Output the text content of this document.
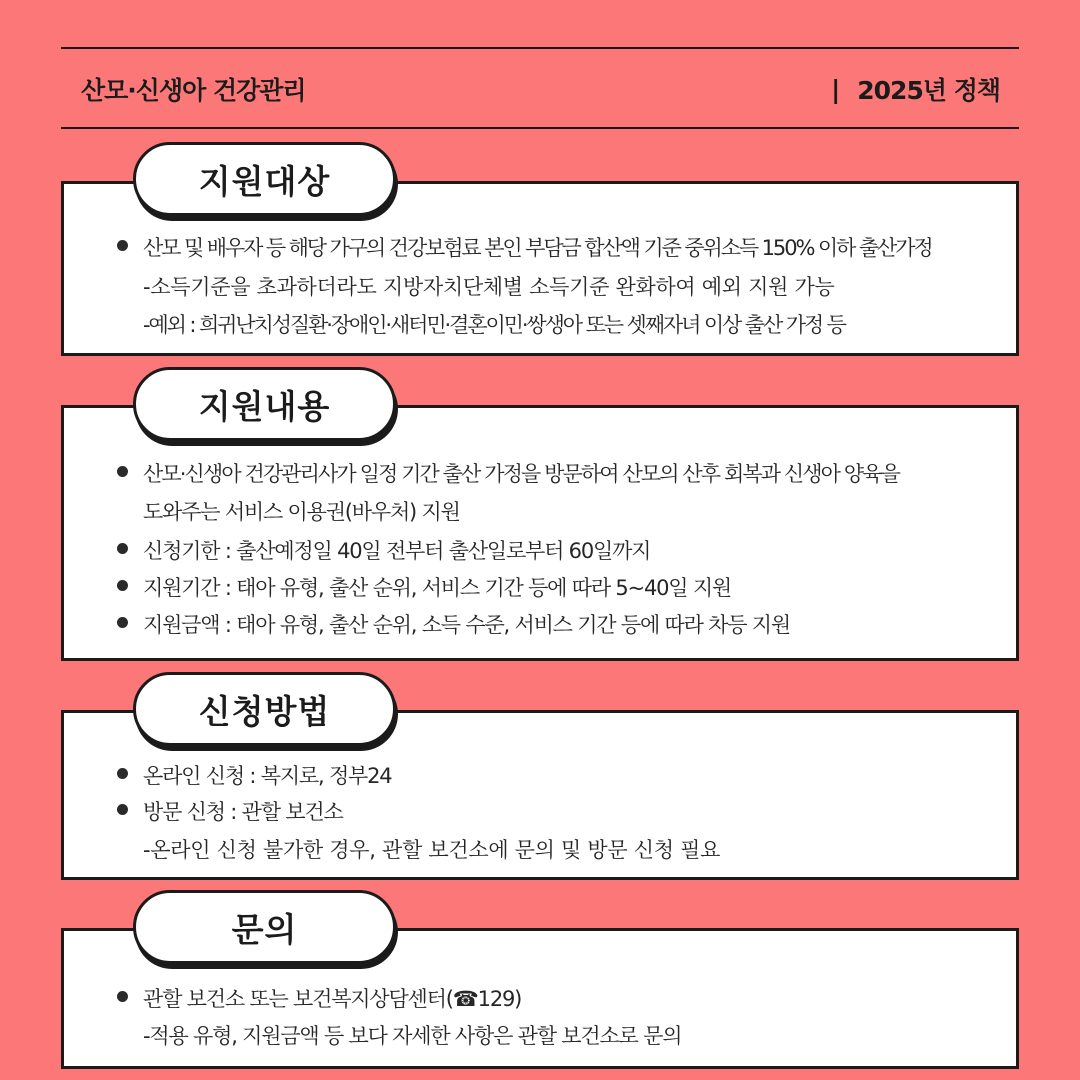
산모·신생아 건강관리	| 2025년 정책
지원대상
산모 및 배우자 등 해당 가구의 건강보험료 본인 부담금 합산액 기준 중위소득 150% 이하 출산가정
-소득기준을 초과하더라도 지방자치단체별 소득기준 완화하여 예외 지원 가능
-예외 : 희귀난치성질환·장애인·새터민·결혼이민·쌍생아 또는 셋째자녀 이상 출산 가정 등
지원내용
산모·신생아 건강관리사가 일정 기간 출산 가정을 방문하여 산모의 산후 회복과 신생아 양육을
도와주는 서비스 이용권(바우처) 지원
신청기한 : 출산예정일 40일 전부터 출산일로부터 60일까지
지원기간 : 태아 유형, 출산 순위, 서비스 기간 등에 따라 5~40일 지원
지원금액 : 태아 유형, 출산 순위, 소득 수준, 서비스 기간 등에 따라 차등 지원
신청방법
온라인 신청 : 복지로, 정부24
방문 신청 : 관할 보건소
-온라인 신청 불가한 경우, 관할 보건소에 문의 및 방문 신청 필요
문의
관할 보건소 또는 보건복지상담센터(☎129)
-적용 유형, 지원금액 등 보다 자세한 사항은 관할 보건소로 문의
